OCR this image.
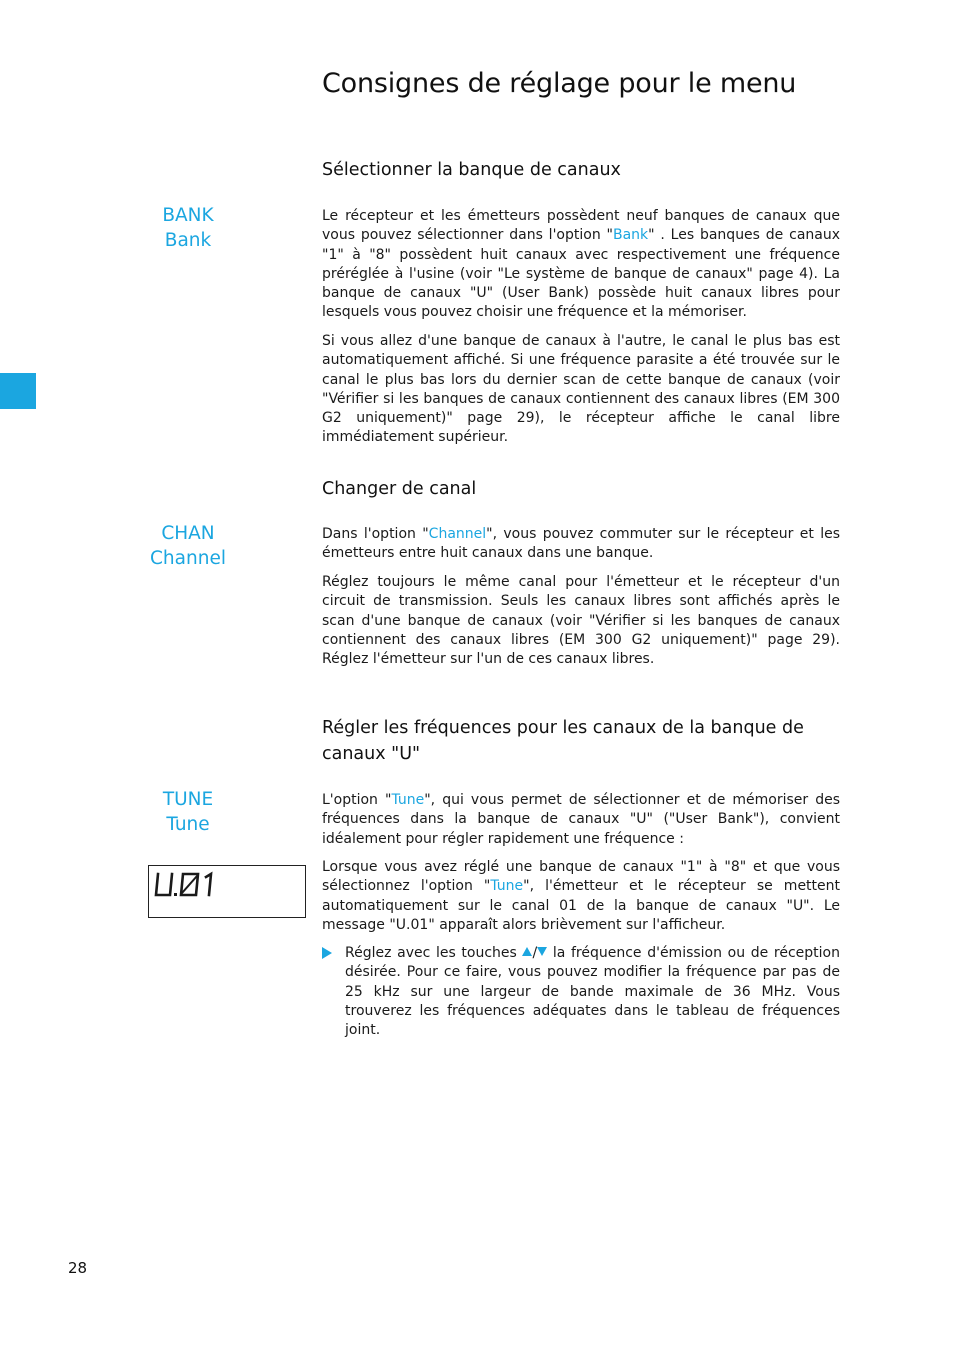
Consignes de réglage pour le menu
Sélectionner la banque de canaux
BANK
Bank

Le récepteur et les émetteurs possèdent neuf banques de canaux que vous pouvez sélectionner dans l'option "Bank" . Les banques de canaux "1" à "8" possèdent huit canaux avec respectivement une fréquence préréglée à l'usine (voir "Le système de banque de canaux" page 4). La banque de canaux "U" (User Bank) possède huit canaux libres pour lesquels vous pouvez choisir une fréquence et la mémoriser.

Si vous allez d'une banque de canaux à l'autre, le canal le plus bas est automatiquement affiché. Si une fréquence parasite a été trouvée sur le canal le plus bas lors du dernier scan de cette banque de canaux (voir "Vérifier si les banques de canaux contiennent des canaux libres (EM 300 G2 uniquement)" page 29), le récepteur affiche le canal libre immédiatement supérieur.

Changer de canal
CHAN
Channel

Dans l'option "Channel", vous pouvez commuter sur le récepteur et les émetteurs entre huit canaux dans une banque.

Réglez toujours le même canal pour l'émetteur et le récepteur d'un circuit de transmission. Seuls les canaux libres sont affichés après le scan d'une banque de canaux (voir "Vérifier si les banques de canaux contiennent des canaux libres (EM 300 G2 uniquement)" page 29). Réglez l'émetteur sur l'un de ces canaux libres.

Régler les fréquences pour les canaux de la banque de canaux "U"
TUNE
Tune

L'option "Tune", qui vous permet de sélectionner et de mémoriser des fréquences dans la banque de canaux "U" ("User Bank"), convient idéalement pour régler rapidement une fréquence :

Lorsque vous avez réglé une banque de canaux "1" à "8" et que vous sélectionnez l'option "Tune", l'émetteur et le récepteur se mettent automatiquement sur le canal 01 de la banque de canaux "U". Le message "U.01" apparaît alors brièvement sur l'afficheur.

Réglez avec les touches / la fréquence d'émission ou de réception désirée. Pour ce faire, vous pouvez modifier la fréquence par pas de 25 kHz sur une largeur de bande maximale de 36 MHz. Vous trouverez les fréquences adéquates dans le tableau de fréquences joint.
28
